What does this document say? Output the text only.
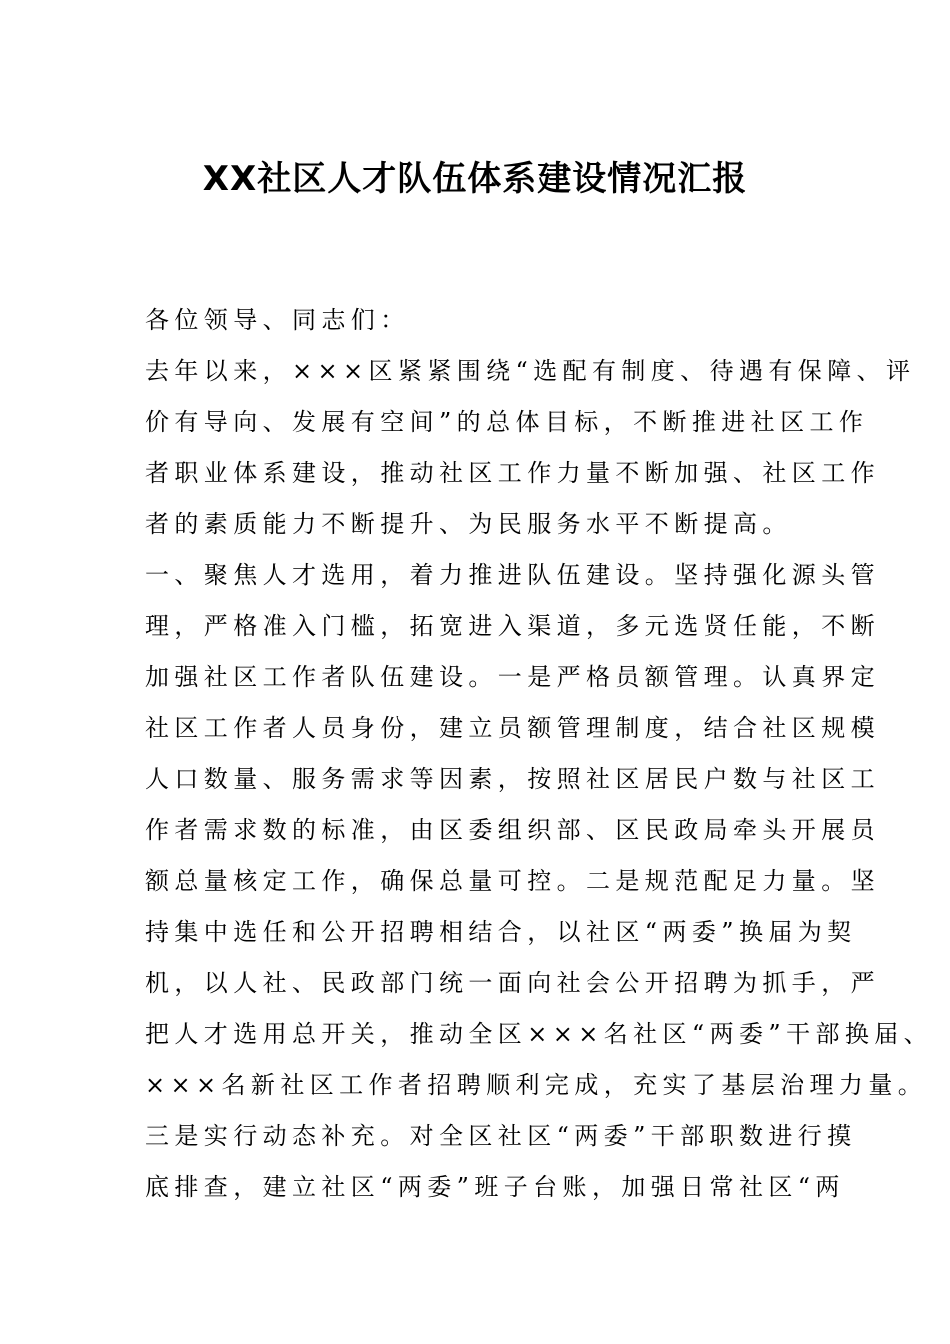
XX社区人才队伍体系建设情况汇报

各位领导、同志们：

去年以来，×××区紧紧围绕“选配有制度、待遇有保障、评

价有导向、发展有空间”的总体目标，不断推进社区工作

者职业体系建设，推动社区工作力量不断加强、社区工作

者的素质能力不断提升、为民服务水平不断提高。

一、聚焦人才选用，着力推进队伍建设。坚持强化源头管

理，严格准入门槛，拓宽进入渠道，多元选贤任能，不断

加强社区工作者队伍建设。一是严格员额管理。认真界定

社区工作者人员身份，建立员额管理制度，结合社区规模

人口数量、服务需求等因素，按照社区居民户数与社区工

作者需求数的标准，由区委组织部、区民政局牵头开展员

额总量核定工作，确保总量可控。二是规范配足力量。坚

持集中选任和公开招聘相结合，以社区“两委”换届为契

机，以人社、民政部门统一面向社会公开招聘为抓手，严

把人才选用总开关，推动全区×××名社区“两委”干部换届、

×××名新社区工作者招聘顺利完成，充实了基层治理力量。

三是实行动态补充。对全区社区“两委”干部职数进行摸

底排查，建立社区“两委”班子台账，加强日常社区“两
